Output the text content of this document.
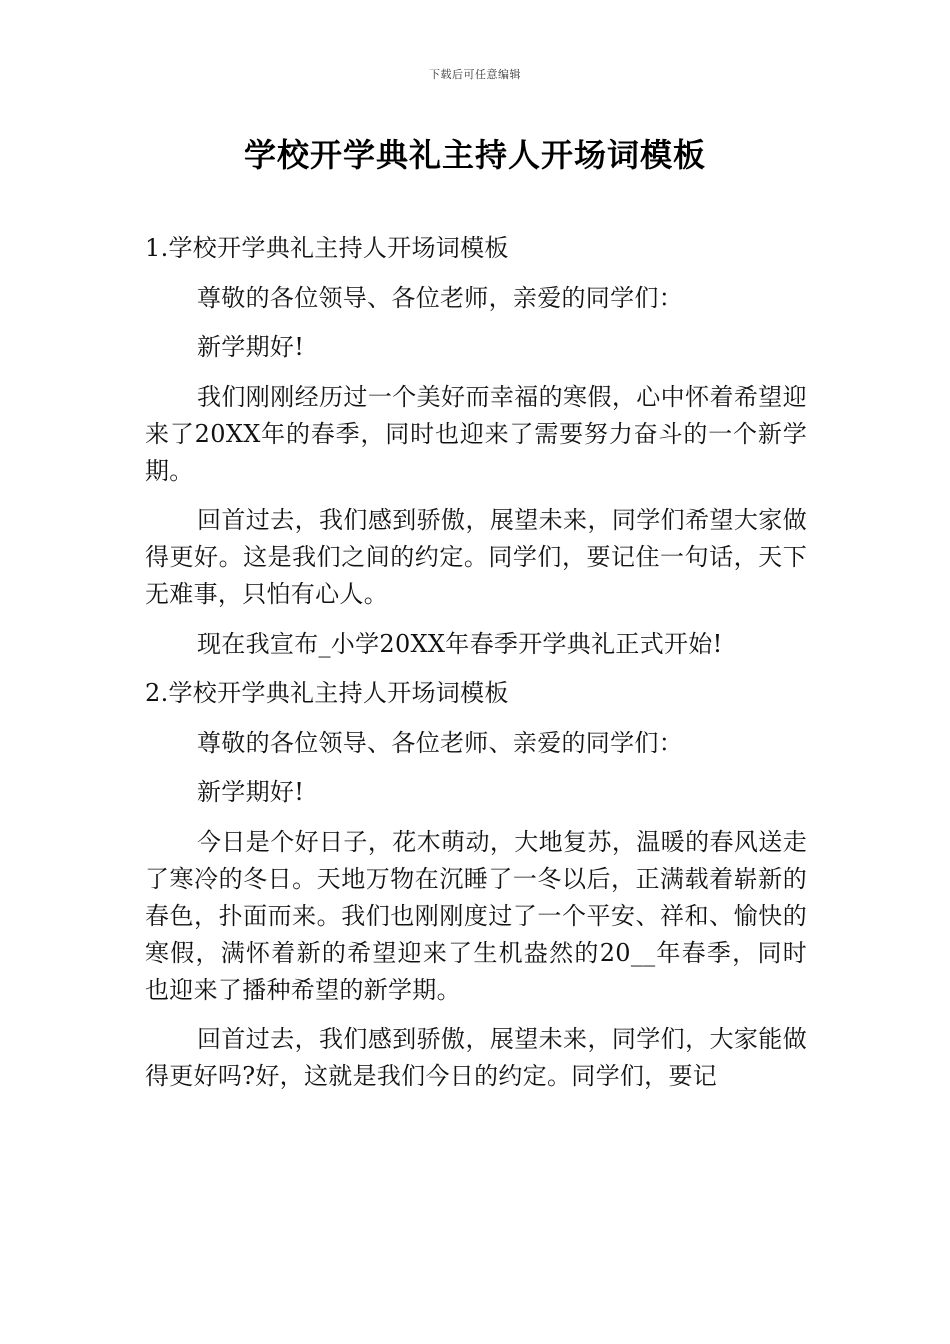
下载后可任意编辑
学校开学典礼主持人开场词模板

1.学校开学典礼主持人开场词模板

尊敬的各位领导、各位老师，亲爱的同学们：

新学期好!

我们刚刚经历过一个美好而幸福的寒假，心中怀着希望迎来了20XX年的春季，同时也迎来了需要努力奋斗的一个新学期。

回首过去，我们感到骄傲，展望未来，同学们希望大家做得更好。这是我们之间的约定。同学们，要记住一句话，天下无难事，只怕有心人。

现在我宣布_小学20XX年春季开学典礼正式开始!

2.学校开学典礼主持人开场词模板

尊敬的各位领导、各位老师、亲爱的同学们：

新学期好!

今日是个好日子，花木萌动，大地复苏，温暖的春风送走了寒冷的冬日。天地万物在沉睡了一冬以后，正满载着崭新的春色，扑面而来。我们也刚刚度过了一个平安、祥和、愉快的寒假，满怀着新的希望迎来了生机盎然的20__年春季，同时也迎来了播种希望的新学期。

回首过去，我们感到骄傲，展望未来，同学们，大家能做得更好吗?好，这就是我们今日的约定。同学们，要记
